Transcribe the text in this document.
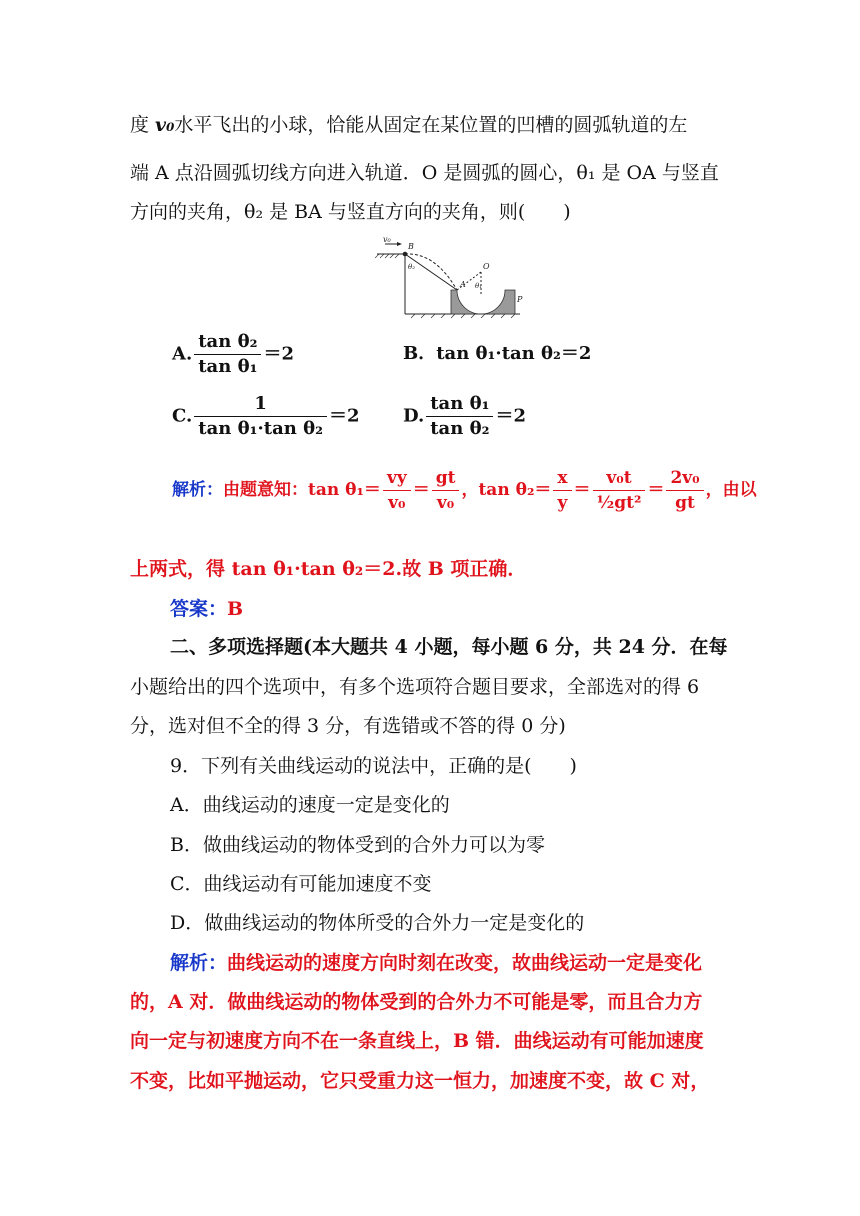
度 v₀水平飞出的小球，恰能从固定在某位置的凹槽的圆弧轨道的左
端 A 点沿圆弧切线方向进入轨道．O 是圆弧的圆心，θ₁ 是 OA 与竖直
方向的夹角，θ₂ 是 BA 与竖直方向的夹角，则(　　)
v₀
B
θ₂
A
O
θ₁
P
A. $\frac{\text{tan θ₂}}{\text{tan θ₁}} =2$	B．tan θ₁·tan θ₂＝2
C. $\frac{1}{\text{tan θ₁·tan θ₂}} =2$ D. $\frac{\text{tan θ₁}}{\text{tan θ₂}} =2$
解析：由题意知：$\tan \theta_1= \frac{vy}{\text{v₀}} = \frac{gt}{\text{v₀}}$ ，$\tan \theta_2= \frac{x}{y} = \frac{\text{v₀t}}{\text{½gt²}} = \frac{\text{2v₀}}{gt}$ ，由以
上两式，得 tan θ₁·tan θ₂＝2.故 B 项正确．
答案：B
二、多项选择题(本大题共 4 小题，每小题 6 分，共 24 分．在每
小题给出的四个选项中，有多个选项符合题目要求，全部选对的得 6
分，选对但不全的得 3 分，有选错或不答的得 0 分)
9．下列有关曲线运动的说法中，正确的是(　　)
A．曲线运动的速度一定是变化的
B．做曲线运动的物体受到的合外力可以为零
C．曲线运动有可能加速度不变
D．做曲线运动的物体所受的合外力一定是变化的
解析：曲线运动的速度方向时刻在改变，故曲线运动一定是变化
的，A 对．做曲线运动的物体受到的合外力不可能是零，而且合力方
向一定与初速度方向不在一条直线上，B 错．曲线运动有可能加速度
不变，比如平抛运动，它只受重力这一恒力，加速度不变，故 C 对，
